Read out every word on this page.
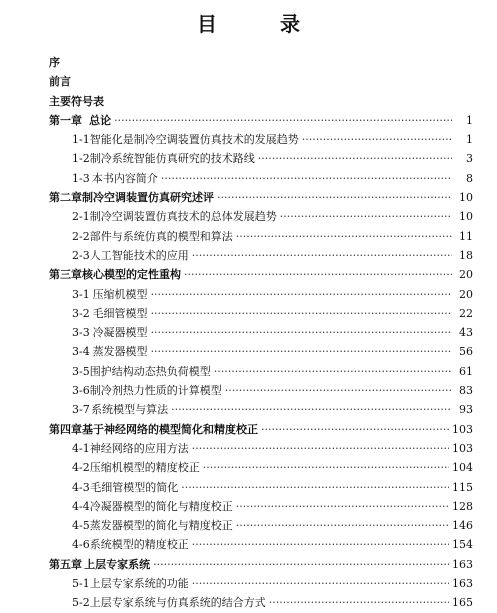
目 录
序
前言
主要符号表
第一章 总论 ·····	1
1-1 智能化是制冷空调装置仿真技术的发展趋势 ·····	1
1-2 制冷系统智能仿真研究的技术路线 ·····	3
1-3 本书内容简介 ·····	8
第二章 制冷空调装置仿真研究述评 ·····	10
2-1 制冷空调装置仿真技术的总体发展趋势 ·····	10
2-2 部件与系统仿真的模型和算法 ·····	11
2-3 人工智能技术的应用 ·····	18
第三章 核心模型的定性重构 ·····	20
3-1 压缩机模型 ·····	20
3-2 毛细管模型 ·····	22
3-3 冷凝器模型 ·····	43
3-4 蒸发器模型 ·····	56
3-5 围护结构动态热负荷模型 ·····	61
3-6 制冷剂热力性质的计算模型 ·····	83
3-7 系统模型与算法 ·····	93
第四章 基于神经网络的模型简化和精度校正 ·····	103
4-1 神经网络的应用方法 ·····	103
4-2 压缩机模型的精度校正 ·····	104
4-3 毛细管模型的简化 ·····	115
4-4 冷凝器模型的简化与精度校正 ·····	128
4-5 蒸发器模型的简化与精度校正 ·····	146
4-6 系统模型的精度校正 ·····	154
第五章 上层专家系统 ·····	163
5-1 上层专家系统的功能 ·····	163
5-2 上层专家系统与仿真系统的结合方式 ·····	165
